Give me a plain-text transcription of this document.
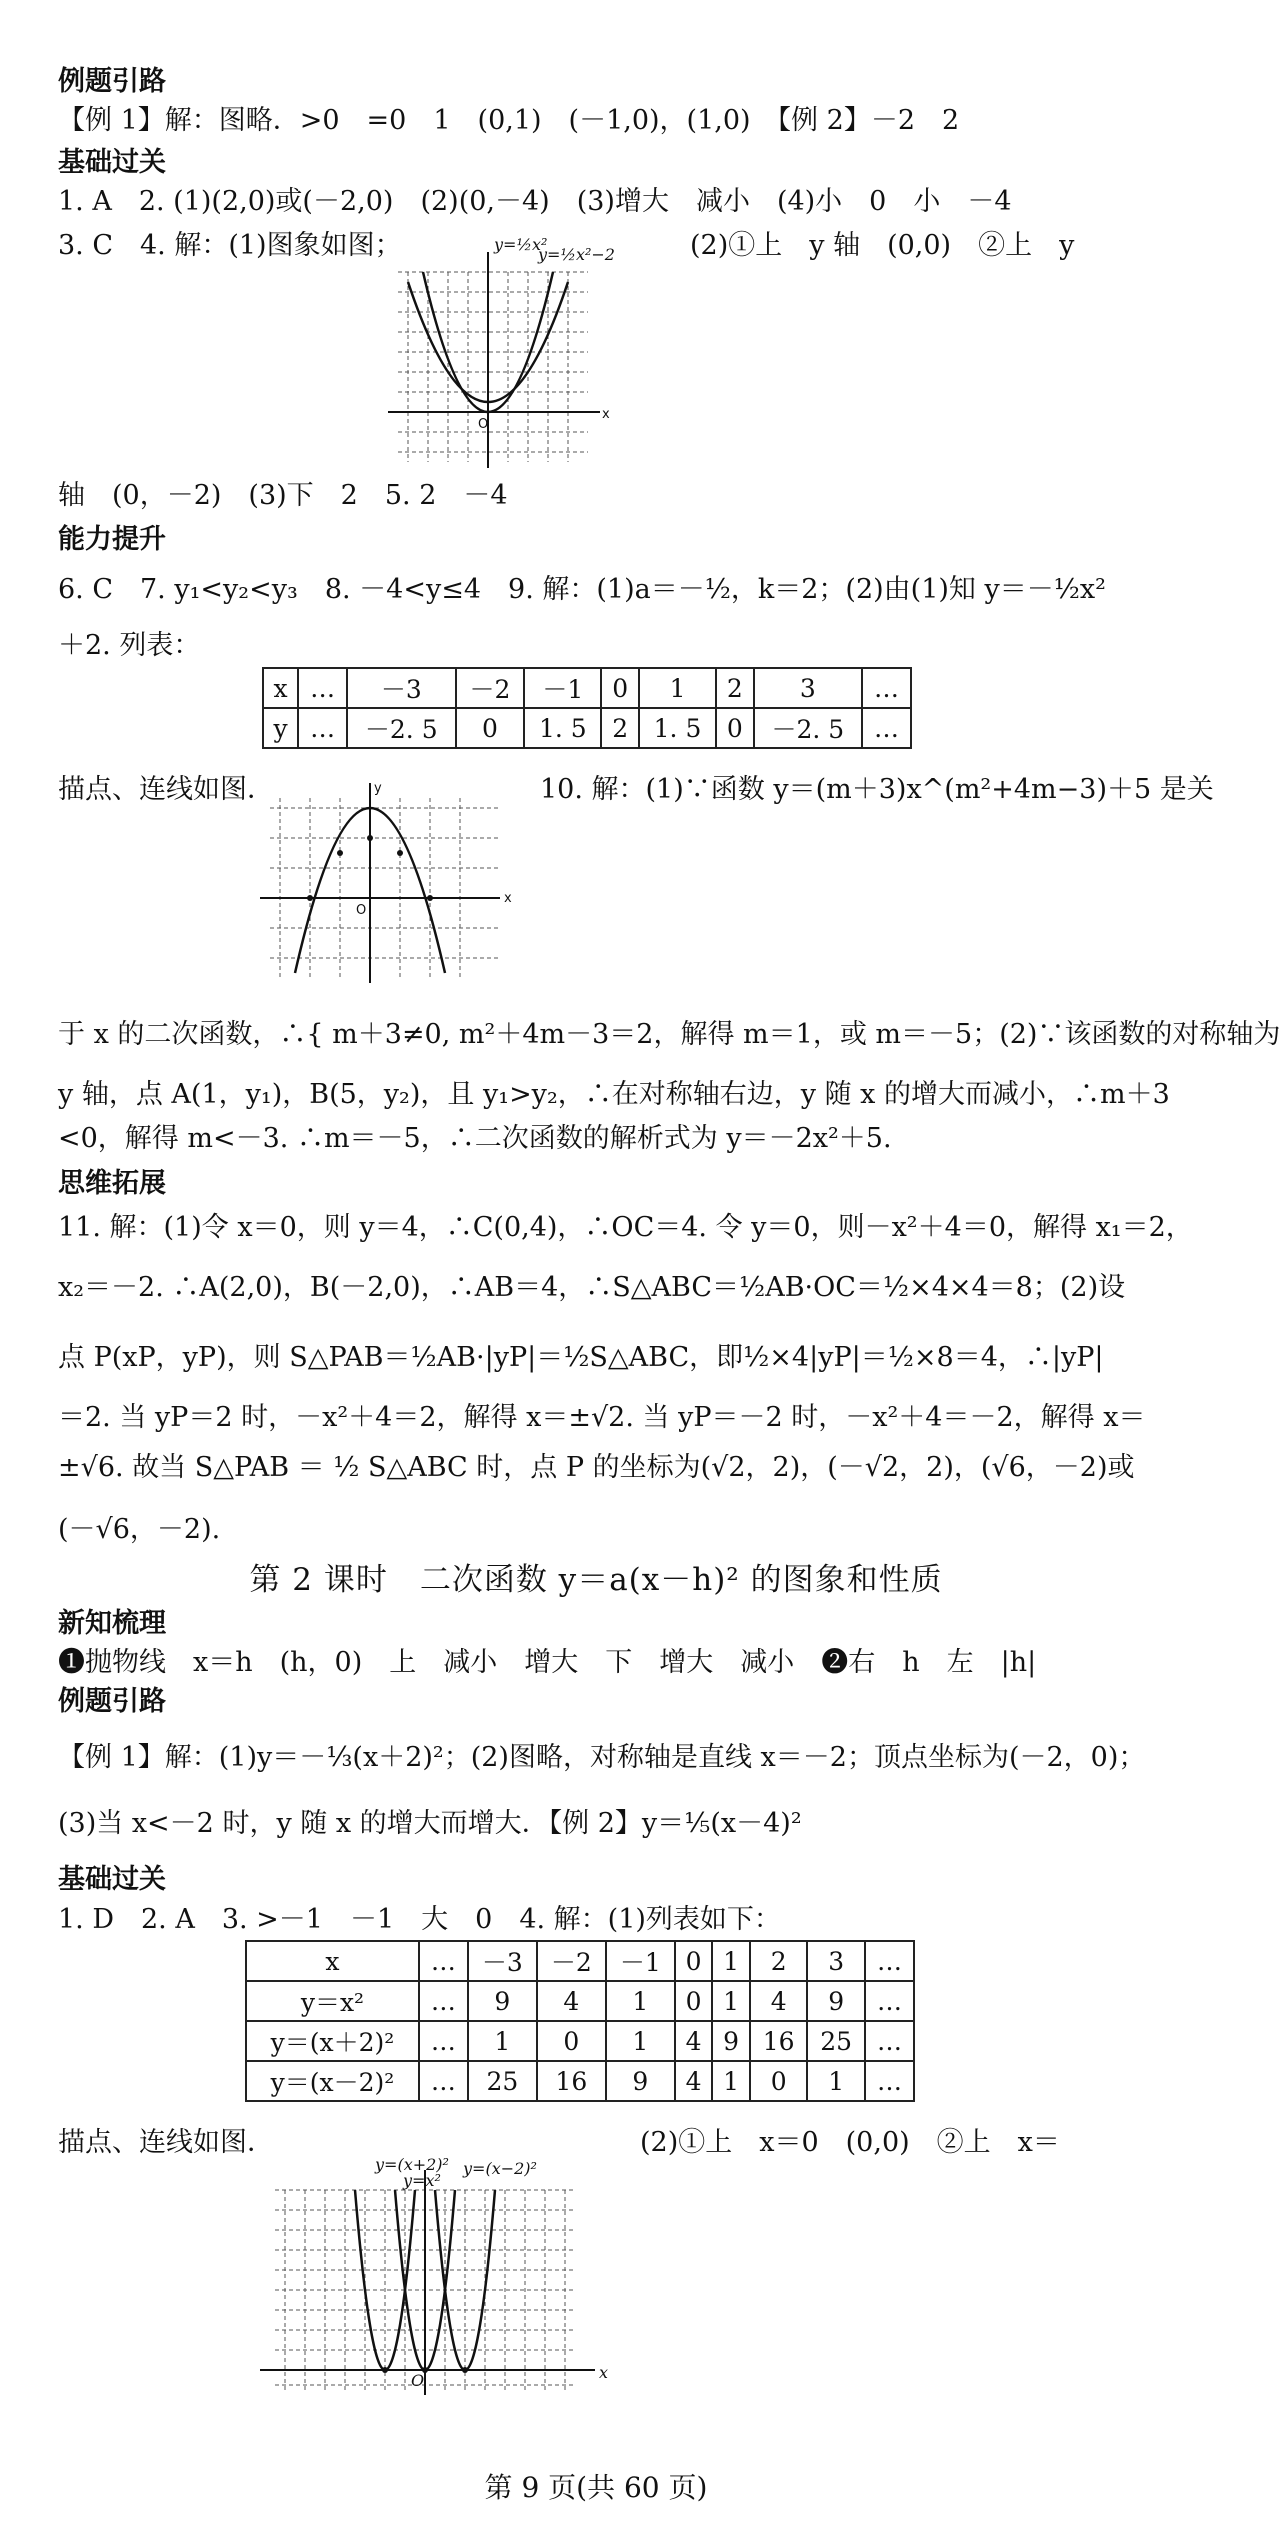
例题引路
【例 1】解：图略．>0　=0　1　(0,1)　(－1,0)，(1,0)　【例 2】－2　2
基础过关
1. A　2. (1)(2,0)或(－2,0)　(2)(0,－4)　(3)增大　减小　(4)小　0　小　－4
3. C　4. 解：(1)图象如图；	(2)①上　y 轴　(0,0)　②上　y
y=½x²
y=½x²−2
x
O
轴　(0，－2)　(3)下　2　5. 2　－4
能力提升
6. C　7. y₁<y₂<y₃　8. －4<y≤4　9. 解：(1)a＝－½，k＝2；(2)由(1)知 y＝－½x²
＋2. 列表：
x	…	－3	－2	－1	0	1	2	3	…
y	…	－2. 5	0	1. 5	2	1. 5	0	－2. 5	…
描点、连线如图．	10. 解：(1)∵函数 y＝(m＋3)x^(m²+4m−3)＋5 是关
x
y
O
于 x 的二次函数，∴{ m＋3≠0, m²＋4m－3＝2，解得 m＝1，或 m＝－5；(2)∵该函数的对称轴为
y 轴，点 A(1，y₁)，B(5，y₂)，且 y₁>y₂，∴在对称轴右边，y 随 x 的增大而减小，∴m＋3
<0，解得 m<－3. ∴m＝－5，∴二次函数的解析式为 y＝－2x²＋5.
思维拓展
11. 解：(1)令 x＝0，则 y＝4，∴C(0,4)，∴OC＝4. 令 y＝0，则－x²＋4＝0，解得 x₁＝2，
x₂＝－2. ∴A(2,0)，B(－2,0)，∴AB＝4，∴S△ABC＝½AB·OC＝½×4×4＝8；(2)设
点 P(xP，yP)，则 S△PAB＝½AB·|yP|＝½S△ABC，即½×4|yP|＝½×8＝4，∴|yP|
＝2. 当 yP＝2 时，－x²＋4＝2，解得 x＝±√2. 当 yP＝－2 时，－x²＋4＝－2，解得 x＝
±√6. 故当 S△PAB ＝ ½ S△ABC 时，点 P 的坐标为(√2，2)，(－√2，2)，(√6，－2)或
(－√6，－2).
第 2 课时　二次函数 y＝a(x－h)² 的图象和性质
新知梳理
❶抛物线　x＝h　(h，0)　上　减小　增大　下　增大　减小　❷右　h　左　|h|
例题引路
【例 1】解：(1)y＝－⅓(x＋2)²；(2)图略，对称轴是直线 x＝－2；顶点坐标为(－2，0)；
(3)当 x<－2 时，y 随 x 的增大而增大．【例 2】y＝⅕(x－4)²
基础过关
1. D　2. A　3. >－1　－1　大　0　4. 解：(1)列表如下：
x	…	－3	－2	－1	0	1	2	3	…
y＝x²	…	9	4	1	0	1	4	9	…
y＝(x＋2)²	…	1	0	1	4	9	16	25	…
y＝(x－2)²	…	25	16	9	4	1	0	1	…
描点、连线如图．	(2)①上　x＝0　(0,0)　②上　x＝
y=(x+2)²
y=x²
y=(x−2)²
x
O
第 9 页(共 60 页)
